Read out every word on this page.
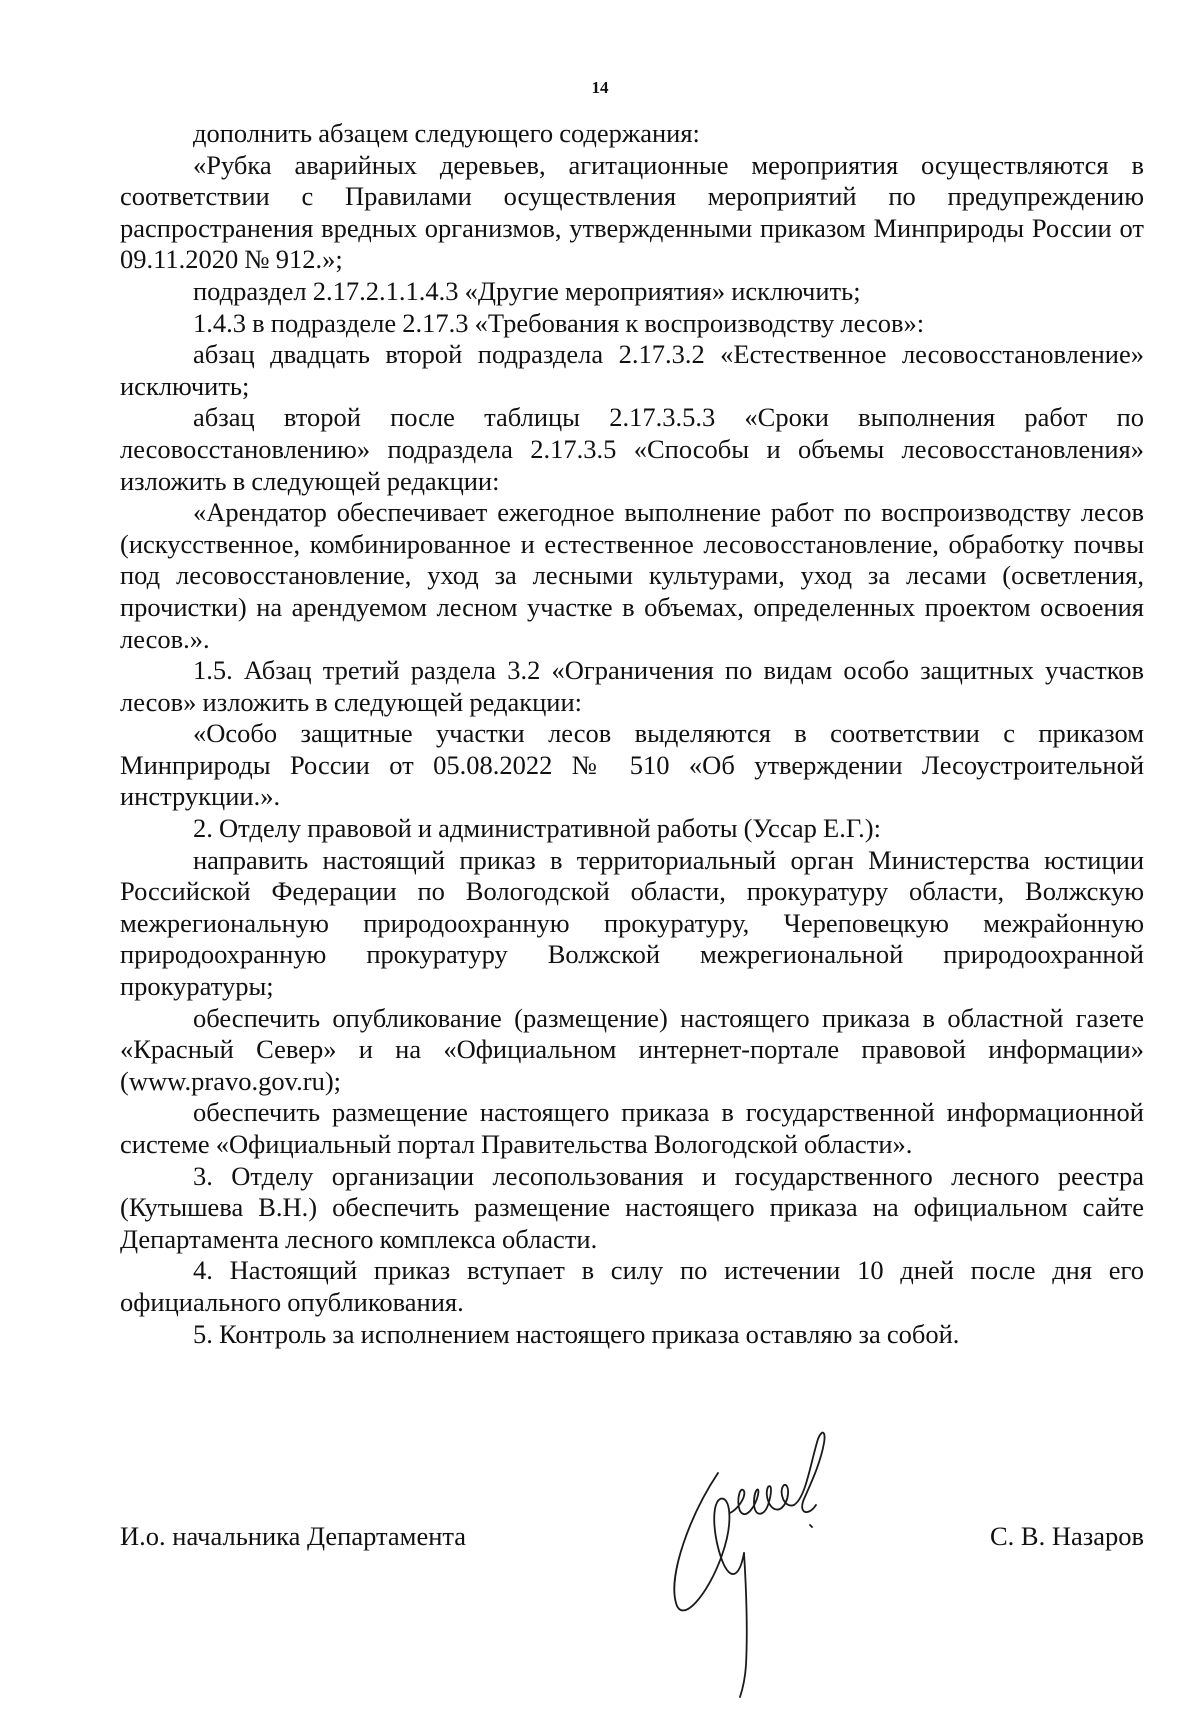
14

дополнить абзацем следующего содержания:

«Рубка аварийных деревьев, агитационные мероприятия осуществляются в соответствии с Правилами осуществления мероприятий по предупреждению распространения вредных организмов, утвержденными приказом Минприроды России от 09.11.2020 № 912.»;

подраздел 2.17.2.1.1.4.3 «Другие мероприятия» исключить;

1.4.3 в подразделе 2.17.3 «Требования к воспроизводству лесов»:

абзац двадцать второй подраздела 2.17.3.2 «Естественное лесовосстановление» исключить;

абзац второй после таблицы 2.17.3.5.3 «Сроки выполнения работ по лесовосстановлению» подраздела 2.17.3.5 «Способы и объемы лесовосстановления» изложить в следующей редакции:

«Арендатор обеспечивает ежегодное выполнение работ по воспроизводству лесов (искусственное, комбинированное и естественное лесовосстановление, обработку почвы под лесовосстановление, уход за лесными культурами, уход за лесами (осветления, прочистки) на арендуемом лесном участке в объемах, определенных проектом освоения лесов.».

1.5. Абзац третий раздела 3.2 «Ограничения по видам особо защитных участков лесов» изложить в следующей редакции:

«Особо защитные участки лесов выделяются в соответствии с приказом Минприроды России от 05.08.2022 № 510 «Об утверждении Лесоустроительной инструкции.».

2. Отделу правовой и административной работы (Уссар Е.Г.):

направить настоящий приказ в территориальный орган Министерства юстиции Российской Федерации по Вологодской области, прокуратуру области, Волжскую межрегиональную природоохранную прокуратуру, Череповецкую межрайонную природоохранную прокуратуру Волжской межрегиональной природоохранной прокуратуры;

обеспечить опубликование (размещение) настоящего приказа в областной газете «Красный Север» и на «Официальном интернет-портале правовой информации» (www.pravo.gov.ru);

обеспечить размещение настоящего приказа в государственной информационной системе «Официальный портал Правительства Вологодской области».

3. Отделу организации лесопользования и государственного лесного реестра (Кутышева В.Н.) обеспечить размещение настоящего приказа на официальном сайте Департамента лесного комплекса области.

4. Настоящий приказ вступает в силу по истечении 10 дней после дня его официального опубликования.

5. Контроль за исполнением настоящего приказа оставляю за собой.

И.о. начальника Департамента	С. В. Назаров
